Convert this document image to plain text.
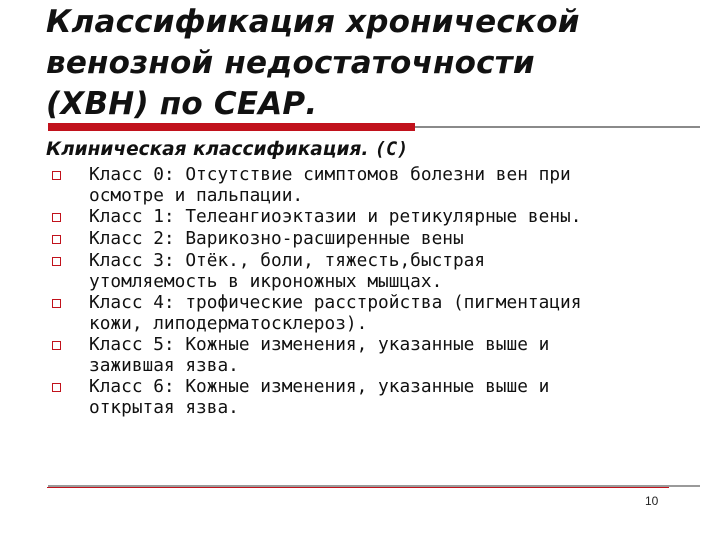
Классификация хронической
венозной недостаточности
(ХВН) по СЕАР.
Клиническая классификация. (С)
Класс 0: Отсутствие симптомов болезни вен при
осмотре и пальпации.
Класс 1: Телеангиоэктазии и ретикулярные вены.
Класс 2: Варикозно-расширенные вены
Класс 3: Отёк., боли, тяжесть,быстрая
утомляемость в икроножных мышцах.
Класс 4: трофические расстройства (пигментация
кожи, липодерматосклероз).
Класс 5: Кожные изменения, указанные выше и
зажившая язва.
Класс 6: Кожные изменения, указанные выше и
открытая язва.
10
